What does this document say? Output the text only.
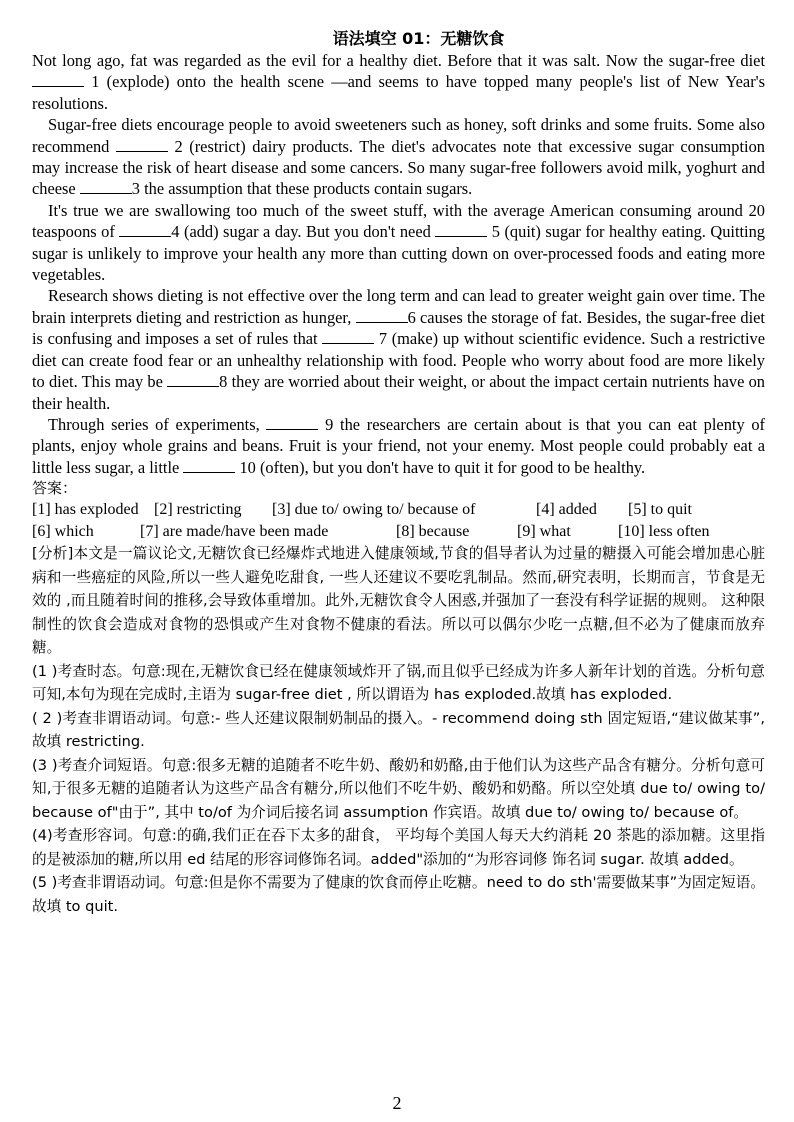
语法填空 01：无糖饮食

Not long ago, fat was regarded as the evil for a healthy diet. Before that it was salt. Now the sugar-free diet  1 (explode) onto the health scene —and seems to have topped many people's list of New Year's resolutions.

Sugar-free diets encourage people to avoid sweeteners such as honey, soft drinks and some fruits. Some also recommend	2 (restrict) dairy products. The diet's advocates note that excessive sugar consumption may increase the risk of heart disease and some cancers. So many sugar-free followers avoid milk, yoghurt and cheese	3 the assumption that these products contain sugars.

It's true we are swallowing too much of the sweet stuff, with the average American consuming around 20 teaspoons of	4 (add) sugar a day. But you don't need	5 (quit) sugar for healthy eating. Quitting sugar is unlikely to improve your health any more than cutting down on over-processed foods and eating more vegetables.

Research shows dieting is not effective over the long term and can lead to greater weight gain over time. The brain interprets dieting and restriction as hunger,	6 causes the storage of fat. Besides, the sugar-free diet is confusing and imposes a set of rules that	7 (make) up without scientific evidence. Such a restrictive diet can create food fear or an unhealthy relationship with food. People who worry about food are more likely to diet. This may be	8 they are worried about their weight, or about the impact certain nutrients have on their health.

Through series of experiments,	9 the researchers are certain about is that you can eat plenty of plants, enjoy whole grains and beans. Fruit is your friend, not your enemy. Most people could probably eat a little less sugar, a little	10 (often), but you don't have to quit it for good to be healthy.

答案：
[1] has exploded [2] restricting [3] due to/ owing to/ because of	[4] added [5] to quit
[6] which	[7] are made/have been made	[8] because	[9] what	[10] less often

[分析]本文是一篇议论文,无糖饮食已经爆炸式地进入健康领域,节食的倡导者认为过量的糖摄入可能会增加患心脏病和一些癌症的风险,所以一些人避免吃甜食, 一些人还建议不要吃乳制品。然而,研究表明，长期而言，节食是无效的 ,而且随着时间的推移,会导致体重增加。此外,无糖饮食令人困惑,并强加了一套没有科学证据的规则。 这种限制性的饮食会造成对食物的恐惧或产生对食物不健康的看法。所以可以偶尔少吃一点糖,但不必为了健康而放弃糖。

(1 )考查时态。句意:现在,无糖饮食已经在健康领域炸开了锅,而且似乎已经成为许多人新年计划的首选。分析句意可知,本句为现在完成时,主语为 sugar-free diet , 所以谓语为 has exploded.故填 has exploded.

( 2 )考查非谓语动词。句意:- 些人还建议限制奶制品的摄入。- recommend doing sth 固定短语,“建议做某事”,故填 restricting.

(3 )考查介词短语。句意:很多无糖的追随者不吃牛奶、酸奶和奶酪,由于他们认为这些产品含有糖分。分析句意可知,于很多无糖的追随者认为这些产品含有糖分,所以他们不吃牛奶、酸奶和奶酪。所以空处填 due to/ owing to/ because of"由于”, 其中 to/of 为介词后接名词 assumption 作宾语。故填 due to/ owing to/ because of。

(4)考查形容词。句意:的确,我们正在吞下太多的甜食， 平均每个美国人每天大约消耗 20 茶匙的添加糖。这里指的是被添加的糖,所以用 ed 结尾的形容词修饰名词。added"添加的“为形容词修 饰名词 sugar. 故填 added。

(5 )考查非谓语动词。句意:但是你不需要为了健康的饮食而停止吃糖。need to do sth'需要做某事”为固定短语。故填 to quit.

2
